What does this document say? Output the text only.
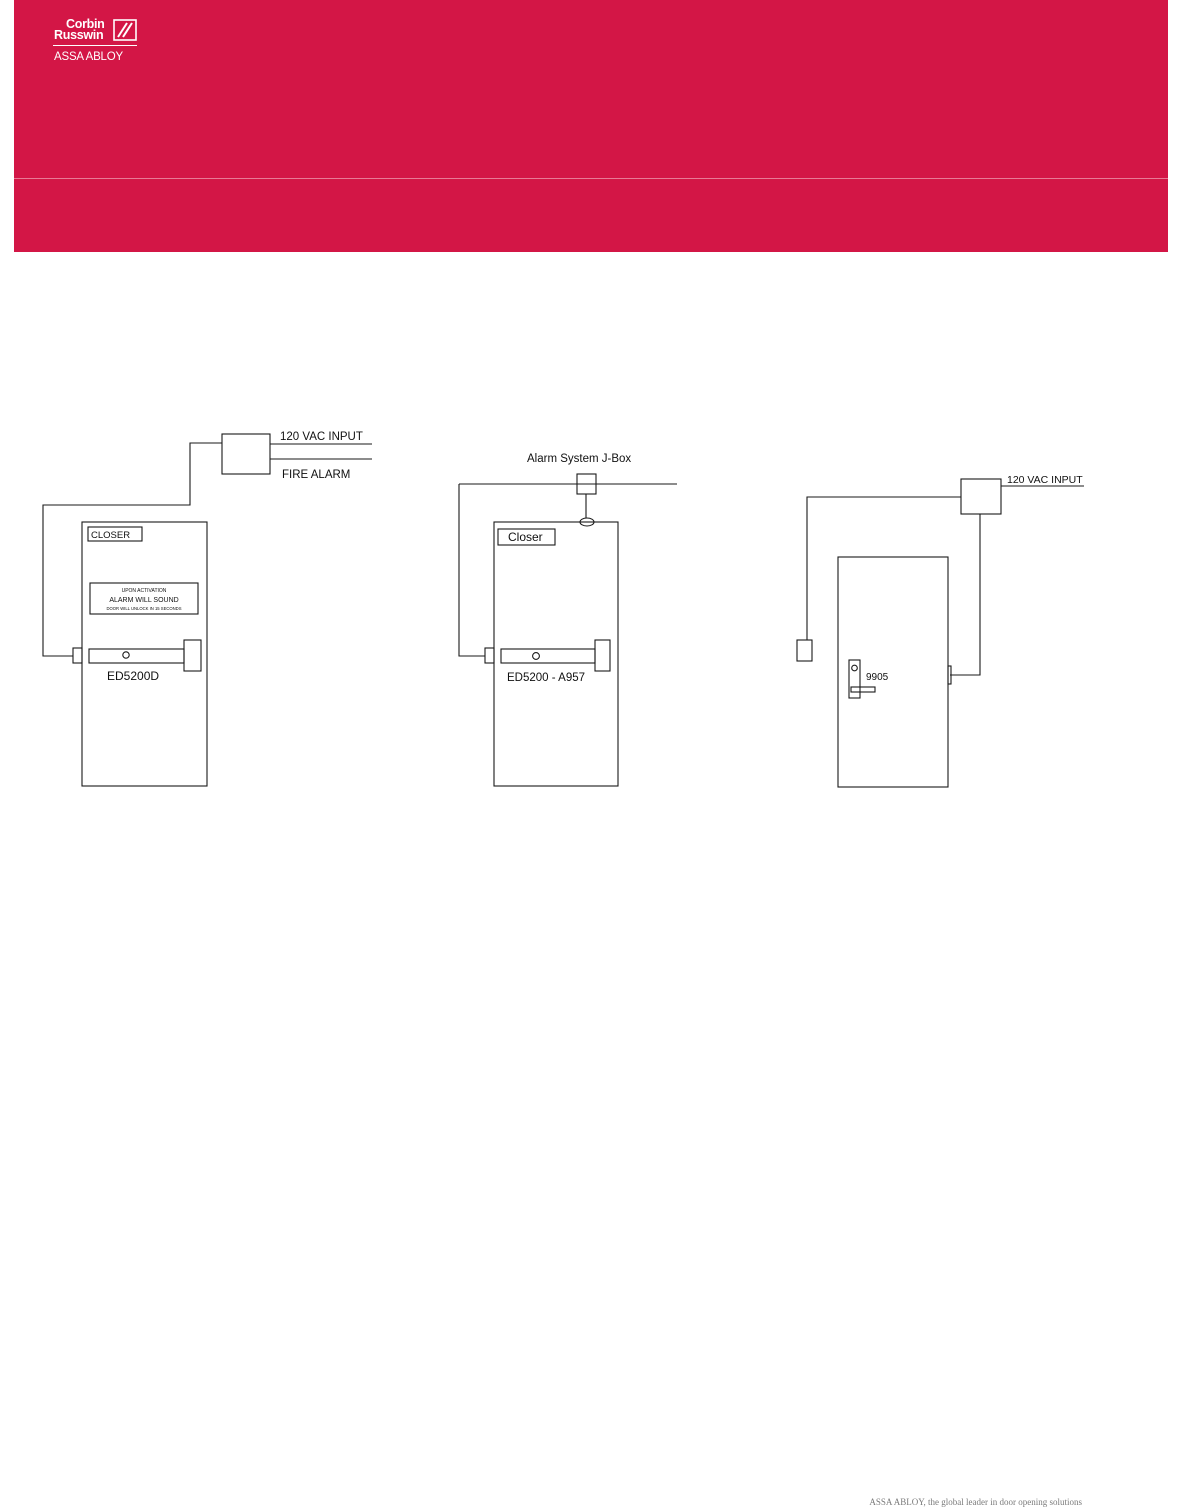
Corbin
Russwin
ASSA ABLOY
120 VAC INPUT
FIRE ALARM
CLOSER
UPON ACTIVATION
ALARM WILL SOUND
DOOR WILL UNLOCK IN 15 SECONDS
ED5200D
Alarm System J-Box
Closer
ED5200 - A957
120 VAC INPUT
9905
ASSA ABLOY, the global leader in door opening solutions
